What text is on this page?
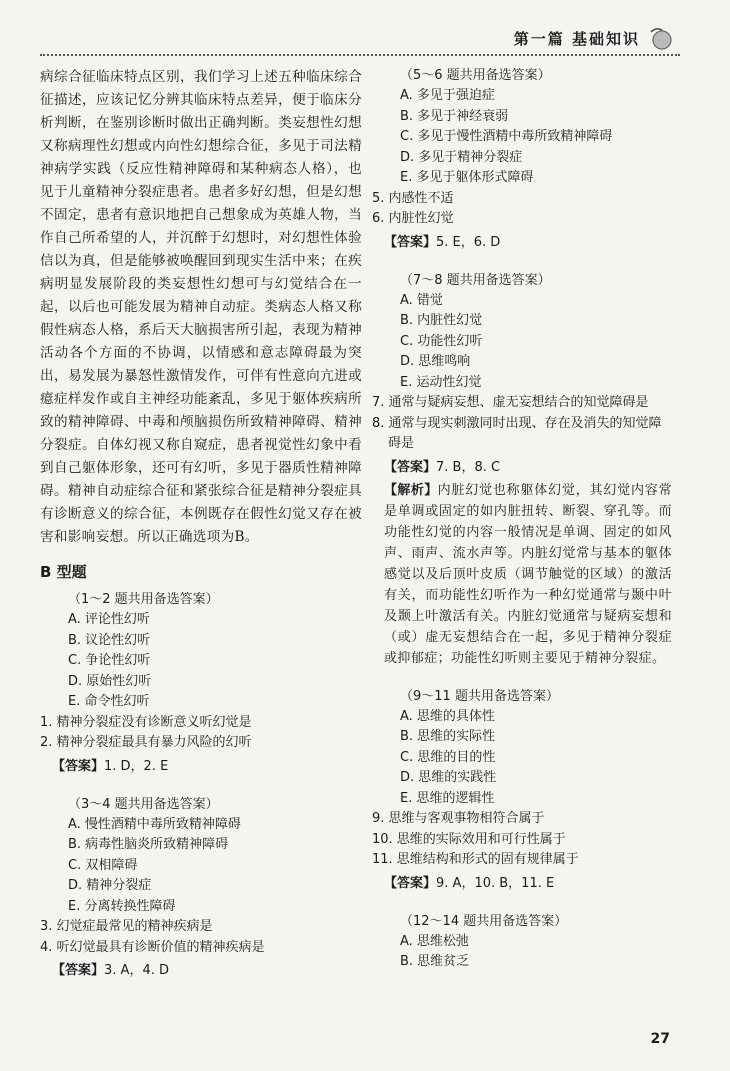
第一篇 基础知识

病综合征临床特点区别，我们学习上述五种临床综合征描述，应该记忆分辨其临床特点差异，便于临床分析判断，在鉴别诊断时做出正确判断。类妄想性幻想又称病理性幻想或内向性幻想综合征，多见于司法精神病学实践（反应性精神障碍和某种病态人格），也见于儿童精神分裂症患者。患者多好幻想，但是幻想不固定，患者有意识地把自己想象成为英雄人物，当作自己所希望的人，并沉醉于幻想时，对幻想性体验信以为真，但是能够被唤醒回到现实生活中来；在疾病明显发展阶段的类妄想性幻想可与幻觉结合在一起，以后也可能发展为精神自动症。类病态人格又称假性病态人格，系后天大脑损害所引起，表现为精神活动各个方面的不协调，以情感和意志障碍最为突出，易发展为暴怒性激情发作，可伴有性意向亢进或癔症样发作或自主神经功能紊乱，多见于躯体疾病所致的精神障碍、中毒和颅脑损伤所致精神障碍、精神分裂症。自体幻视又称自窥症，患者视觉性幻象中看到自己躯体形象，还可有幻听，多见于器质性精神障碍。精神自动症综合征和紧张综合征是精神分裂症具有诊断意义的综合征，本例既存在假性幻觉又存在被害和影响妄想。所以正确选项为B。

B 型题
（1～2 题共用备选答案）
A. 评论性幻听
B. 议论性幻听
C. 争论性幻听
D. 原始性幻听
E. 命令性幻听
1. 精神分裂症没有诊断意义听幻觉是
2. 精神分裂症最具有暴力风险的幻听
【答案】1. D，2. E
（3～4 题共用备选答案）
A. 慢性酒精中毒所致精神障碍
B. 病毒性脑炎所致精神障碍
C. 双相障碍
D. 精神分裂症
E. 分离转换性障碍
3. 幻觉症最常见的精神疾病是
4. 听幻觉最具有诊断价值的精神疾病是
【答案】3. A，4. D
（5～6 题共用备选答案）
A. 多见于强迫症
B. 多见于神经衰弱
C. 多见于慢性酒精中毒所致精神障碍
D. 多见于精神分裂症
E. 多见于躯体形式障碍
5. 内感性不适
6. 内脏性幻觉
【答案】5. E，6. D
（7～8 题共用备选答案）
A. 错觉
B. 内脏性幻觉
C. 功能性幻听
D. 思维鸣响
E. 运动性幻觉
7. 通常与疑病妄想、虚无妄想结合的知觉障碍是
8. 通常与现实刺激同时出现、存在及消失的知觉障碍是
【答案】7. B，8. C
【解析】内脏幻觉也称躯体幻觉，其幻觉内容常是单调或固定的如内脏扭转、断裂、穿孔等。而功能性幻觉的内容一般情况是单调、固定的如风声、雨声、流水声等。内脏幻觉常与基本的躯体感觉以及后顶叶皮质（调节触觉的区域）的激活有关，而功能性幻听作为一种幻觉通常与颞中叶及颞上叶激活有关。内脏幻觉通常与疑病妄想和（或）虚无妄想结合在一起，多见于精神分裂症或抑郁症；功能性幻听则主要见于精神分裂症。
（9～11 题共用备选答案）
A. 思维的具体性
B. 思维的实际性
C. 思维的目的性
D. 思维的实践性
E. 思维的逻辑性
9. 思维与客观事物相符合属于
10. 思维的实际效用和可行性属于
11. 思维结构和形式的固有规律属于
【答案】9. A，10. B，11. E
（12～14 题共用备选答案）
A. 思维松弛
B. 思维贫乏
27
